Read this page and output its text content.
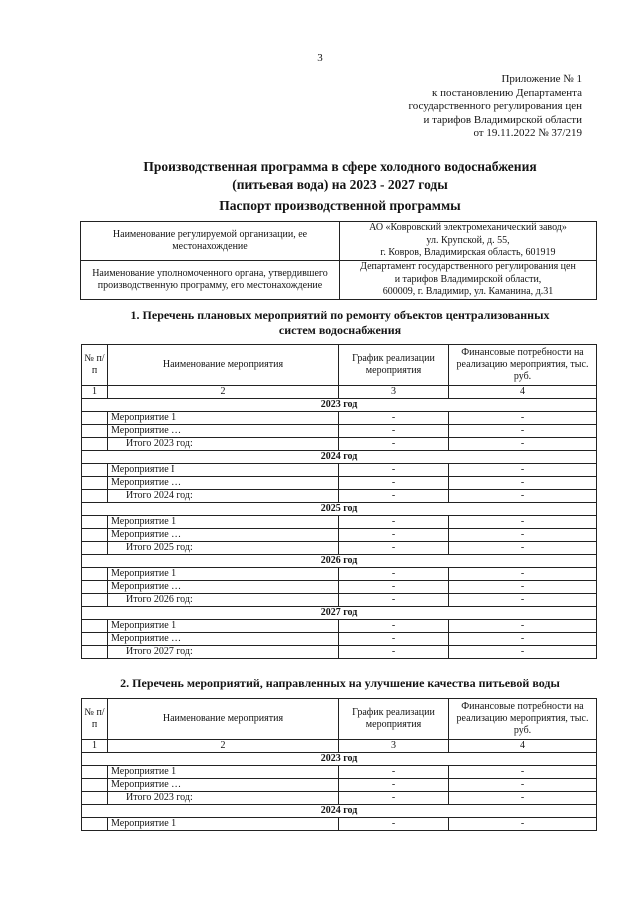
3
Приложение № 1
к постановлению Департамента
государственного регулирования цен
и тарифов Владимирской области
от 19.11.2022 № 37/219
Производственная программа в сфере холодного водоснабжения
(питьевая вода) на 2023 - 2027 годы
Паспорт производственной программы
Наименование регулируемой организации, ее местонахождение	АО «Ковровский электромеханический завод»
ул. Крупской, д. 55,
г. Ковров, Владимирская область, 601919

Наименование уполномоченного органа, утвердившего производственную программу, его местонахождение	Департамент государственного регулирования цен
и тарифов Владимирской области,
600009, г. Владимир, ул. Каманина, д.31
1. Перечень плановых мероприятий по ремонту объектов централизованных
систем водоснабжения
№ п/п	Наименование мероприятия	График реализации мероприятия	Финансовые потребности на реализацию мероприятия, тыс. руб.
1	2	3	4
2023 год			
	Мероприятие 1	-	-
	Мероприятие …	-	-
	Итого 2023 год:	-	-
2024 год			
	Мероприятие I	-	-
	Мероприятие …	-	-
	Итого 2024 год:	-	-
2025 год			
	Мероприятие 1	-	-
	Мероприятие …	-	-
	Итого 2025 год:	-	-
2026 год			
	Мероприятие 1	-	-
	Мероприятие …	-	-
	Итого 2026 год:	-	-
2027 год			
	Мероприятие 1	-	-
	Мероприятие …	-	-
	Итого 2027 год:	-	-
2. Перечень мероприятий, направленных на улучшение качества питьевой воды
№ п/п	Наименование мероприятия	График реализации мероприятия	Финансовые потребности на реализацию мероприятия, тыс. руб.
1	2	3	4
2023 год			
	Мероприятие 1	-	-
	Мероприятие …	-	-
	Итого 2023 год:	-	-
2024 год			
	Мероприятие 1	-	-
